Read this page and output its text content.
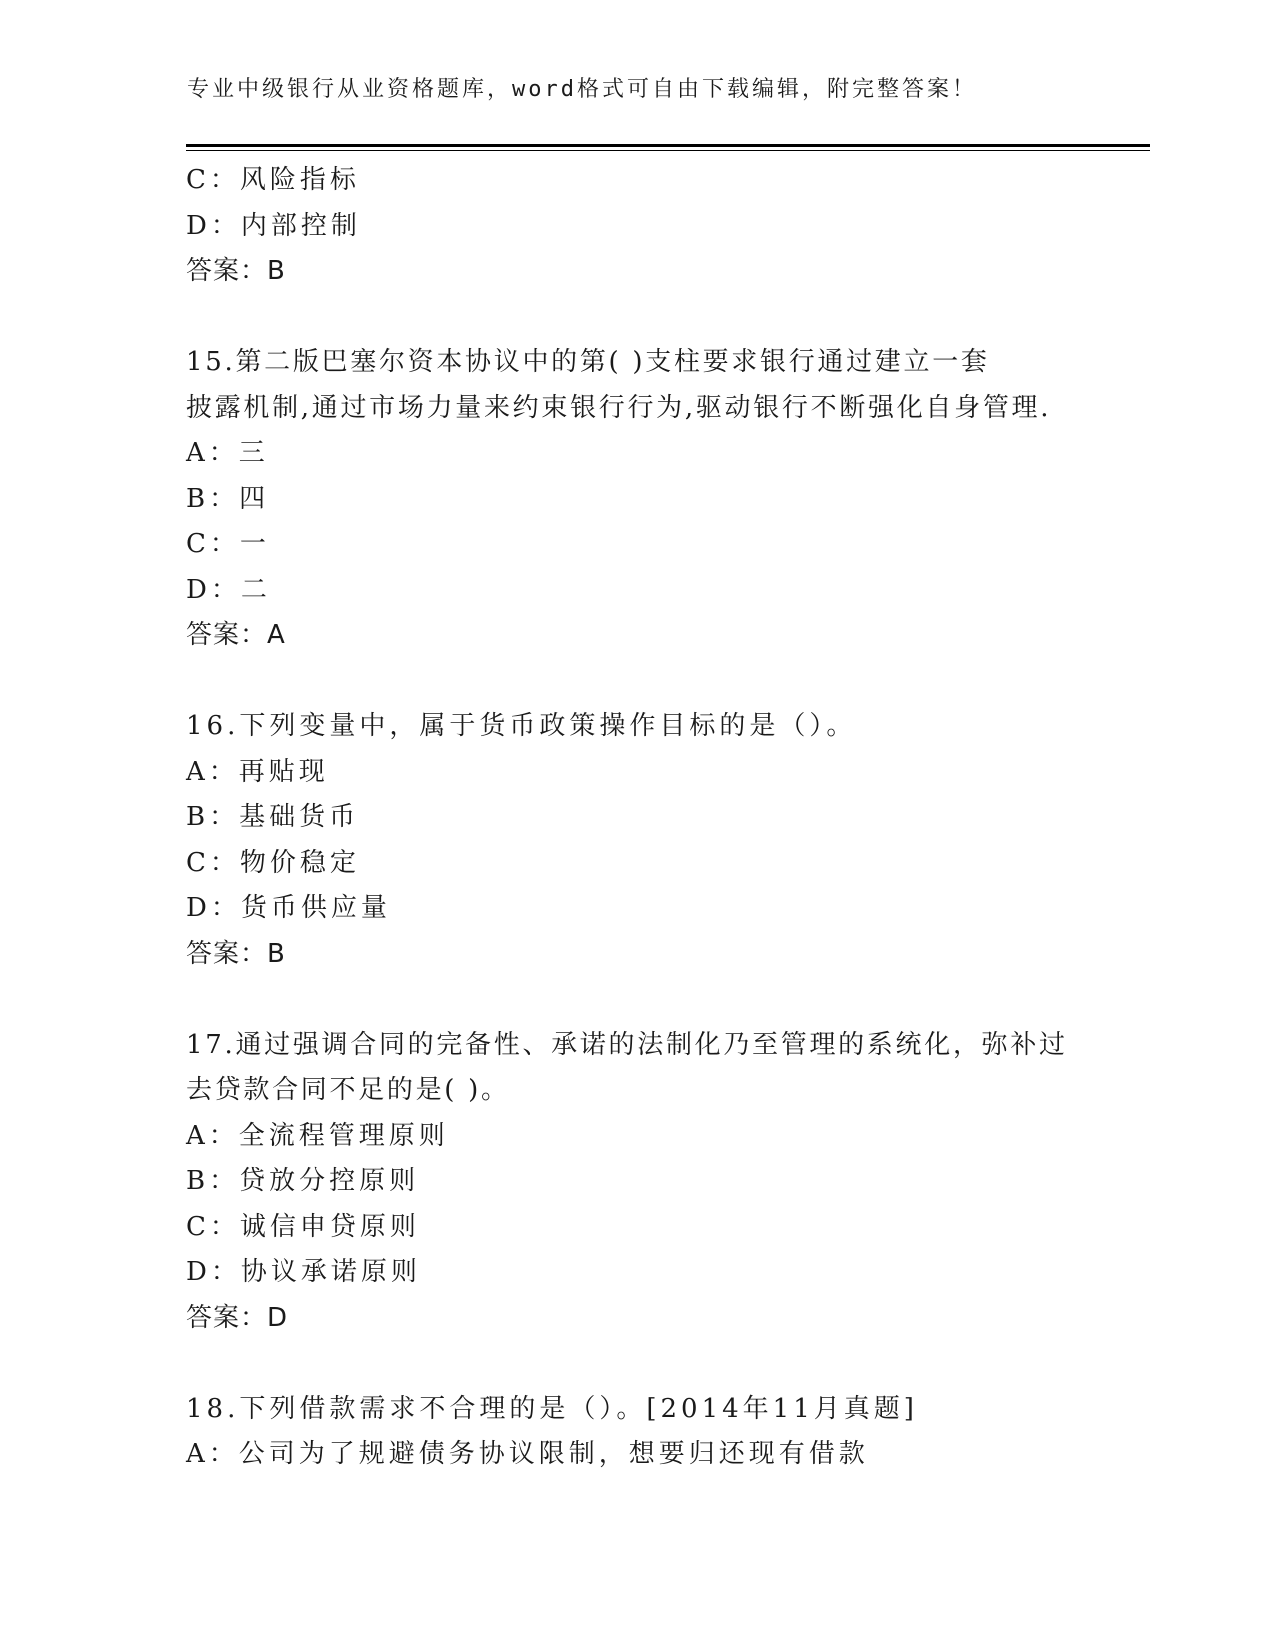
专业中级银行从业资格题库，word格式可自由下载编辑，附完整答案！
C：风险指标
D：内部控制
答案：B
15.第二版巴塞尔资本协议中的第( )支柱要求银行通过建立一套
披露机制,通过市场力量来约束银行行为,驱动银行不断强化自身管理.
A：三
B：四
C：一
D：二
答案：A
16.下列变量中，属于货币政策操作目标的是（）。
A：再贴现
B：基础货币
C：物价稳定
D：货币供应量
答案：B
17.通过强调合同的完备性、承诺的法制化乃至管理的系统化，弥补过
去贷款合同不足的是( )。
A：全流程管理原则
B：贷放分控原则
C：诚信申贷原则
D：协议承诺原则
答案：D
18.下列借款需求不合理的是（）。[2014年11月真题]
A：公司为了规避债务协议限制，想要归还现有借款
